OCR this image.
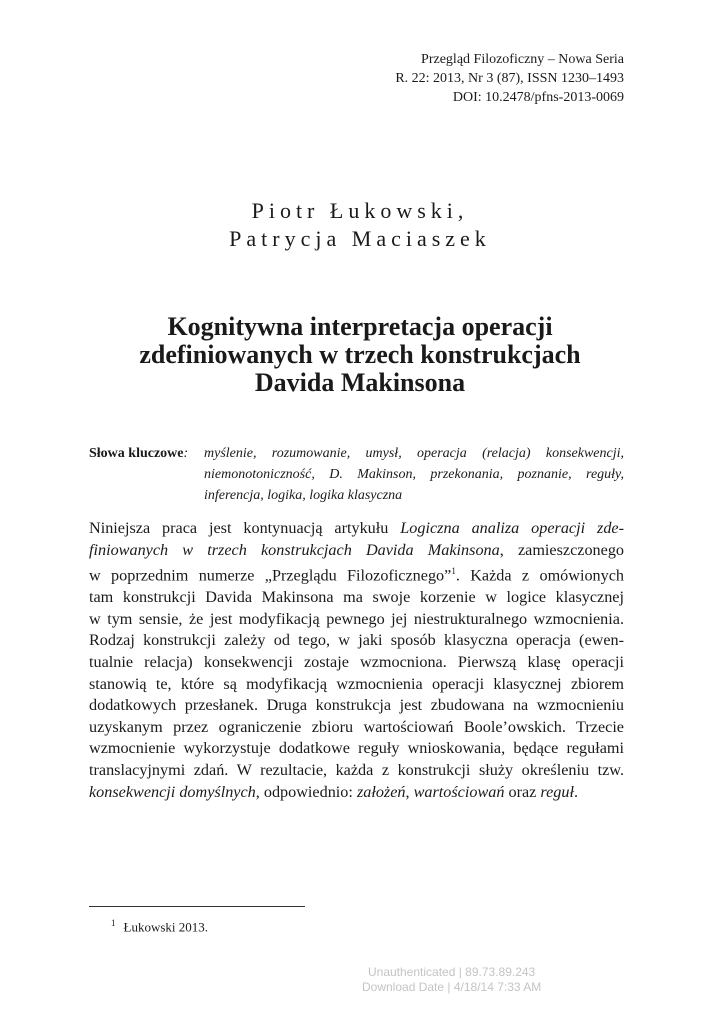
Przegląd Filozoficzny – Nowa Seria
R. 22: 2013, Nr 3 (87), ISSN 1230–1493
DOI: 10.2478/pfns-2013-0069
Piotr Łukowski,
Patrycja Maciaszek
Kognitywna interpretacja operacji
zdefiniowanych w trzech konstrukcjach
Davida Makinsona
Słowa kluczowe: myślenie, rozumowanie, umysł, operacja (relacja) konsekwencji, niemonotoniczność, D. Makinson, przekonania, poznanie, reguły, inferencja, logika, logika klasyczna
Niniejsza praca jest kontynuacją artykułu Logiczna analiza operacji zde-
finiowanych w trzech konstrukcjach Davida Makinsona, zamieszczonego
w poprzednim numerze „Przeglądu Filozoficznego”$^1$. Każda z omówionych
tam konstrukcji Davida Makinsona ma swoje korzenie w logice klasycznej
w tym sensie, że jest modyfikacją pewnego jej niestrukturalnego wzmocnienia.
Rodzaj konstrukcji zależy od tego, w jaki sposób klasyczna operacja (ewen-
tualnie relacja) konsekwencji zostaje wzmocniona. Pierwszą klasę operacji
stanowią te, które są modyfikacją wzmocnienia operacji klasycznej zbiorem
dodatkowych przesłanek. Druga konstrukcja jest zbudowana na wzmocnieniu
uzyskanym przez ograniczenie zbioru wartościowań Boole’owskich. Trzecie
wzmocnienie wykorzystuje dodatkowe reguły wnioskowania, będące regułami
translacyjnymi zdań. W rezultacie, każda z konstrukcji służy określeniu tzw.
konsekwencji domyślnych, odpowiednio: założeń, wartościowań oraz reguł.
$^1$ Łukowski 2013.
Unauthenticated | 89.73.89.243
Download Date | 4/18/14 7:33 AM
